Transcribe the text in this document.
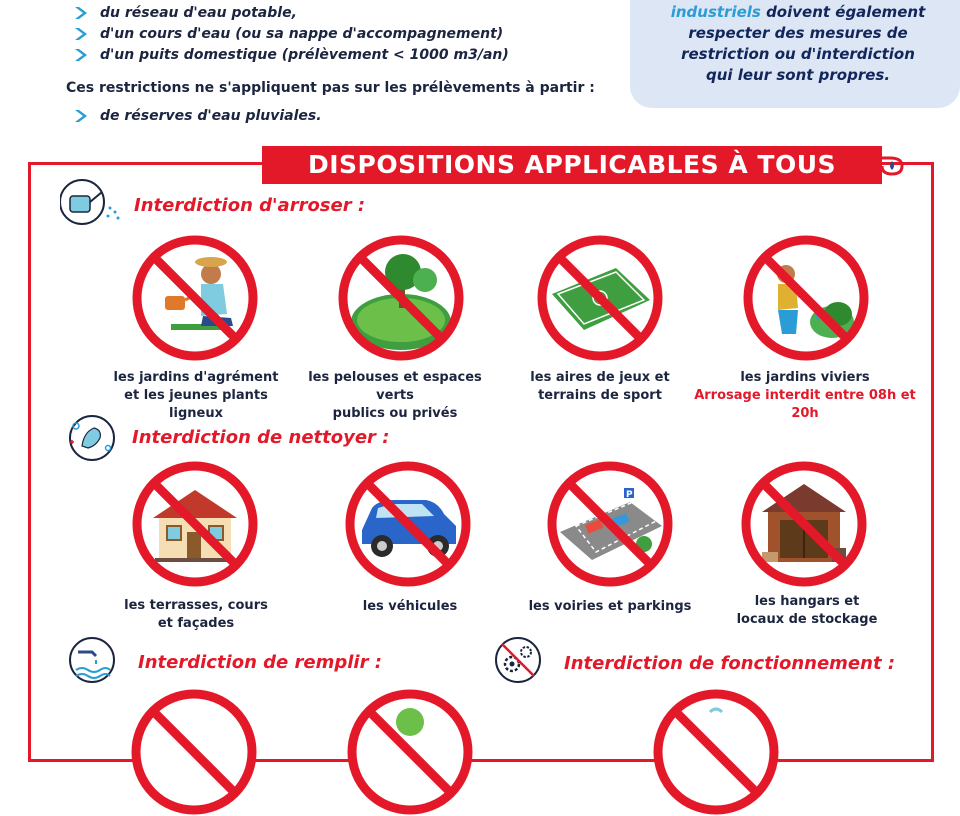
du réseau d'eau potable,
d'un cours d'eau (ou sa nappe d'accompagnement)
d'un puits domestique (prélèvement < 1000 m3/an)
Ces restrictions ne s'appliquent pas sur les prélèvements à partir :
de réserves d'eau pluviales.
industriels doivent également
respecter des mesures de
restriction ou d'interdiction
qui leur sont propres.
DISPOSITIONS APPLICABLES À TOUS
Interdiction d'arroser :
les jardins d'agrément
et les jeunes plants ligneux
les pelouses et espaces verts
publics ou privés
les aires de jeux et
terrains de sport
les jardins viviers
Arrosage interdit entre 08h et 20h
Interdiction de nettoyer :
P
les terrasses, cours
et façades
les véhicules	les voiries et parkings	les hangars et
locaux de stockage
Interdiction de remplir :	Interdiction de fonctionnement :
